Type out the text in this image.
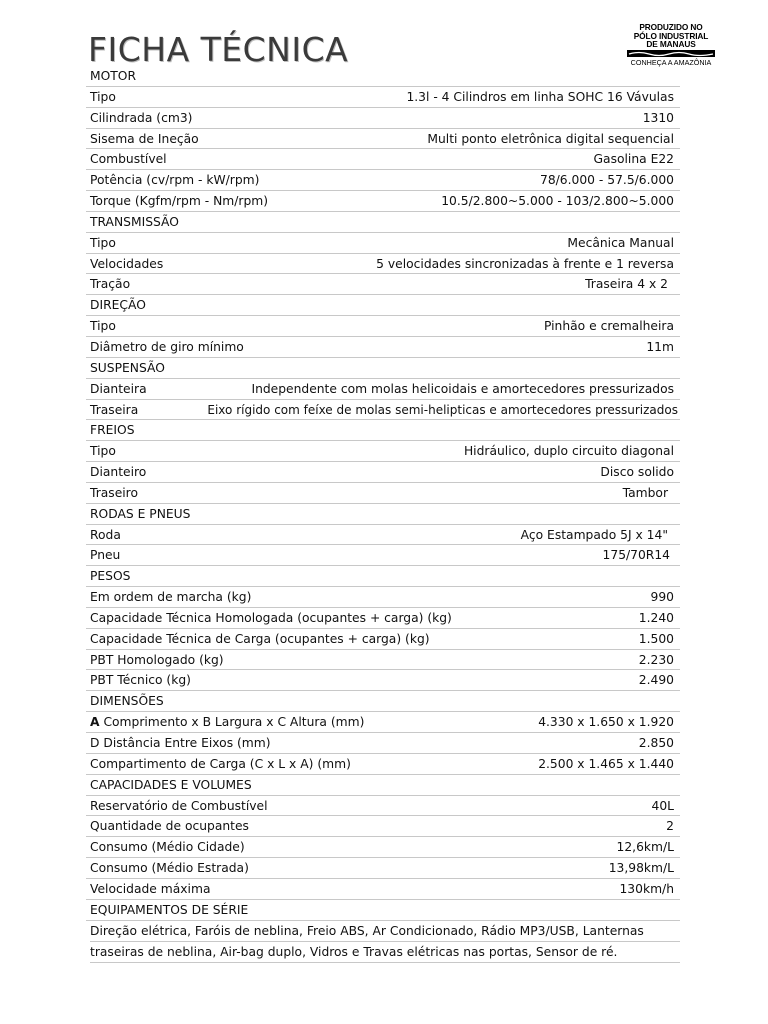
FICHA TÉCNICA
PRODUZIDO NO
PÓLO INDUSTRIAL
DE MANAUS
CONHEÇA A AMAZÔNIA
MOTOR
Tipo	1.3l - 4 Cilindros em linha SOHC 16 Vávulas
Cilindrada (cm3)	1310
Sisema de Ineção	Multi ponto eletrônica digital sequencial
Combustível	Gasolina E22
Potência (cv/rpm - kW/rpm)	78/6.000 - 57.5/6.000
Torque (Kgfm/rpm - Nm/rpm)	10.5/2.800~5.000 - 103/2.800~5.000
TRANSMISSÃO
Tipo	Mecânica Manual
Velocidades	5 velocidades sincronizadas à frente e 1 reversa
Tração	Traseira 4 x 2
DIREÇÃO
Tipo	Pinhão e cremalheira
Diâmetro de giro mínimo	11m
SUSPENSÃO
Dianteira	Independente com molas helicoidais e amortecedores pressurizados
Traseira	Eixo rígido com feíxe de molas semi-helipticas e amortecedores pressurizados
FREIOS
Tipo	Hidráulico, duplo circuito diagonal
Dianteiro	Disco solido
Traseiro	Tambor
RODAS E PNEUS
Roda	Aço Estampado 5J x 14"
Pneu	175/70R14
PESOS
Em ordem de marcha (kg)	990
Capacidade Técnica Homologada (ocupantes + carga) (kg)	1.240
Capacidade Técnica de Carga (ocupantes + carga) (kg)	1.500
PBT Homologado (kg)	2.230
PBT Técnico (kg)	2.490
DIMENSÕES
A Comprimento x B Largura x C Altura (mm)	4.330 x 1.650 x 1.920
D Distância Entre Eixos (mm)	2.850
Compartimento de Carga (C x L x A) (mm)	2.500 x 1.465 x 1.440
CAPACIDADES E VOLUMES
Reservatório de Combustível	40L
Quantidade de ocupantes	2
Consumo (Médio Cidade)	12,6km/L
Consumo (Médio Estrada)	13,98km/L
Velocidade máxima	130km/h
EQUIPAMENTOS DE SÉRIE
Direção elétrica, Faróis de neblina, Freio ABS, Ar Condicionado, Rádio MP3/USB, Lanternas
traseiras de neblina, Air-bag duplo, Vidros e Travas elétricas nas portas, Sensor de ré.
